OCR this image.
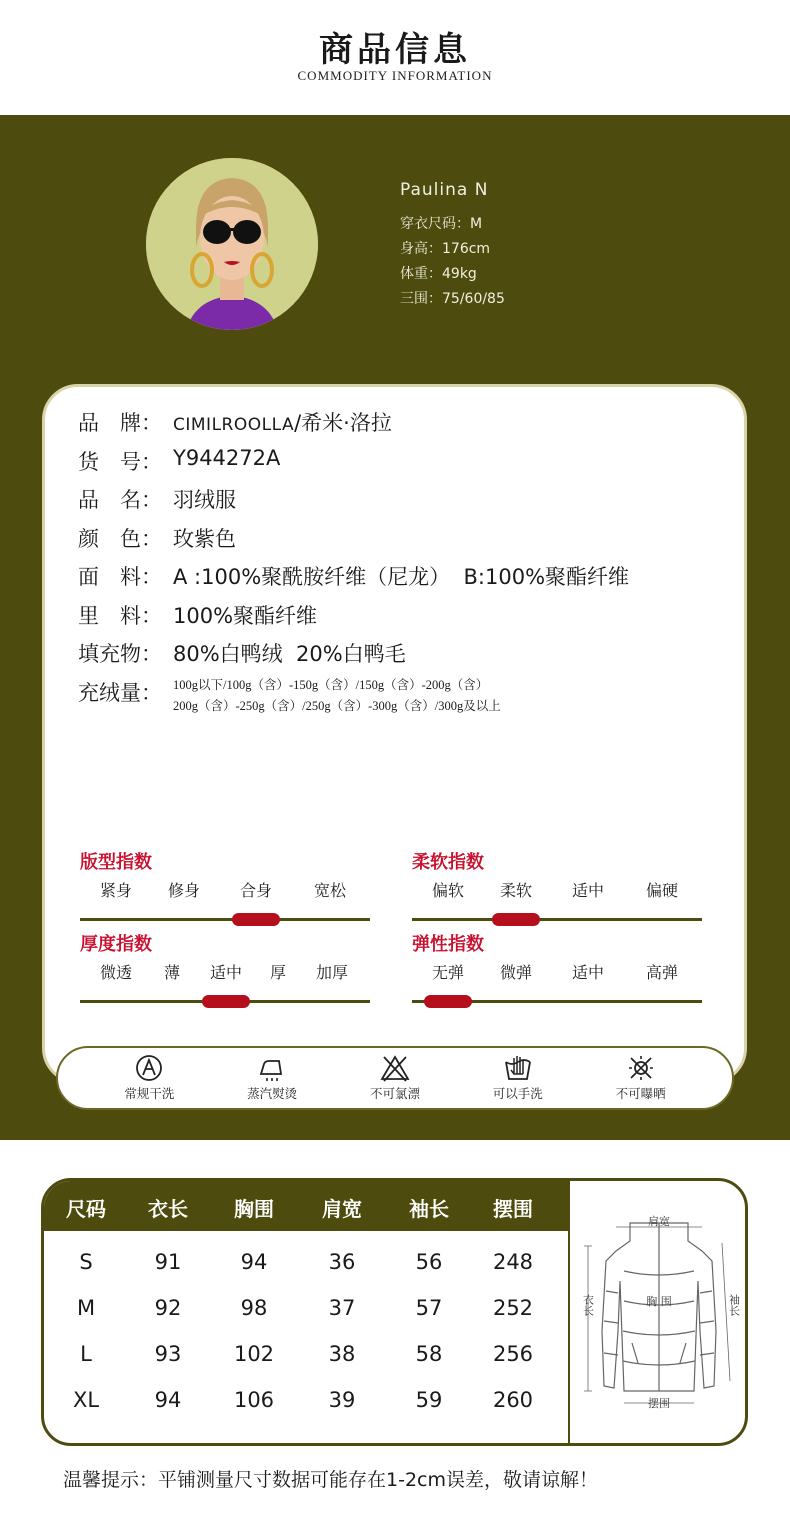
商品信息
COMMODITY INFORMATION
Paulina N
穿衣尺码：M
身高：176cm
体重：49kg
三围：75/60/85
品　牌： CIMILROOLLA/希米·洛拉
货　号： Y944272A
品　名： 羽绒服
颜　色： 玫紫色
面　料： A :100%聚酰胺纤维（尼龙）  B:100%聚酯纤维
里　料： 100%聚酯纤维
填充物： 80%白鸭绒  20%白鸭毛
充绒量： 100g以下/100g（含）-150g（含）/150g（含）-200g（含）
200g（含）-250g（含）/250g（含）-300g（含）/300g及以上
版型指数
紧身 修身 合身	宽松
柔软指数
偏软 柔软 适中	偏硬
厚度指数
微透 薄 适中 厚 加厚
弹性指数
无弹 微弹 适中	高弹
常规干洗	蒸汽熨烫	不可氯漂	可以手洗	不可曝晒
尺码 衣长 胸围 肩宽 袖长 摆围
S	91	94	36	56 248
M	92	98	37	57 252
L	93	102	38	58 256
XL	94	106	39	59 260
肩宽
胸 围
摆围
衣长	袖长
温馨提示：平铺测量尺寸数据可能存在1-2cm误差，敬请谅解！
